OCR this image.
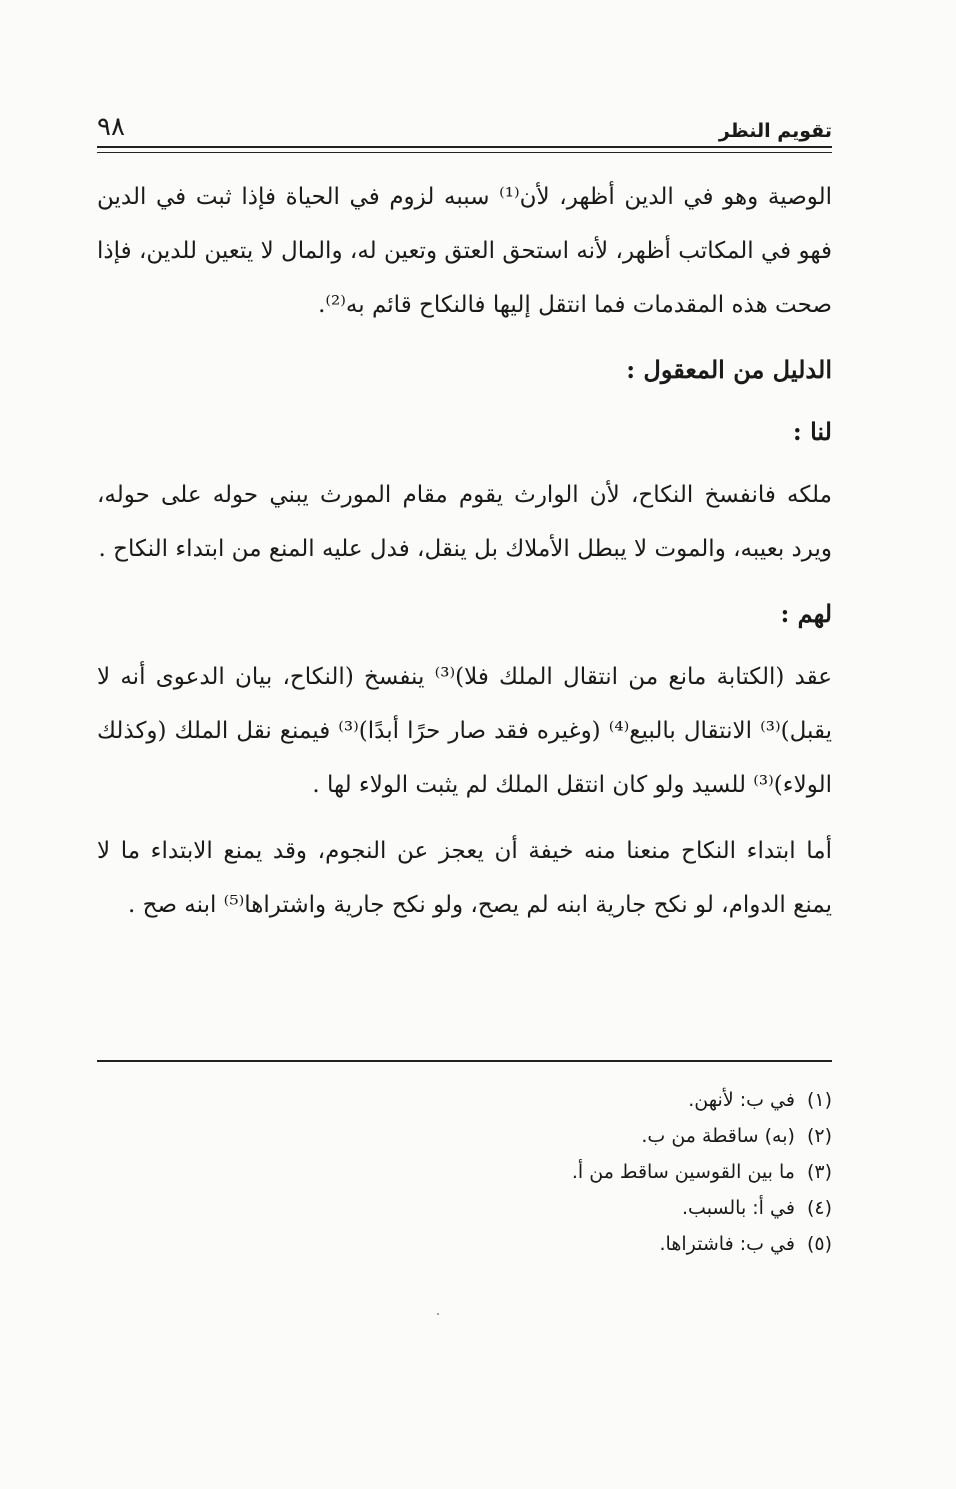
٩٨	تقويم النظر

الوصية وهو في الدين أظهر، لأن⁽¹⁾ سببه لزوم في الحياة فإذا ثبت في الدين فهو في المكاتب أظهر، لأنه استحق العتق وتعين له، والمال لا يتعين للدين، فإذا صحت هذه المقدمات فما انتقل إليها فالنكاح قائم به⁽²⁾.

الدليل من المعقول :
لنا :

ملكه فانفسخ النكاح، لأن الوارث يقوم مقام المورث يبني حوله على حوله، ويرد بعيبه، والموت لا يبطل الأملاك بل ينقل، فدل عليه المنع من ابتداء النكاح .

لهم :

عقد (الكتابة مانع من انتقال الملك فلا)⁽³⁾ ينفسخ (النكاح، بيان الدعوى أنه لا يقبل)⁽³⁾ الانتقال بالبيع⁽⁴⁾ (وغيره فقد صار حرًا أبدًا)⁽³⁾ فيمنع نقل الملك (وكذلك الولاء)⁽³⁾ للسيد ولو كان انتقل الملك لم يثبت الولاء لها .

أما ابتداء النكاح منعنا منه خيفة أن يعجز عن النجوم، وقد يمنع الابتداء ما لا يمنع الدوام، لو نكح جارية ابنه لم يصح، ولو نكح جارية واشتراها⁽⁵⁾ ابنه صح .

(١)في ب: لأنهن.
(٢)(به) ساقطة من ب.
(٣)ما بين القوسين ساقط من أ.
(٤)في أ: بالسبب.
(٥)في ب: فاشتراها.
